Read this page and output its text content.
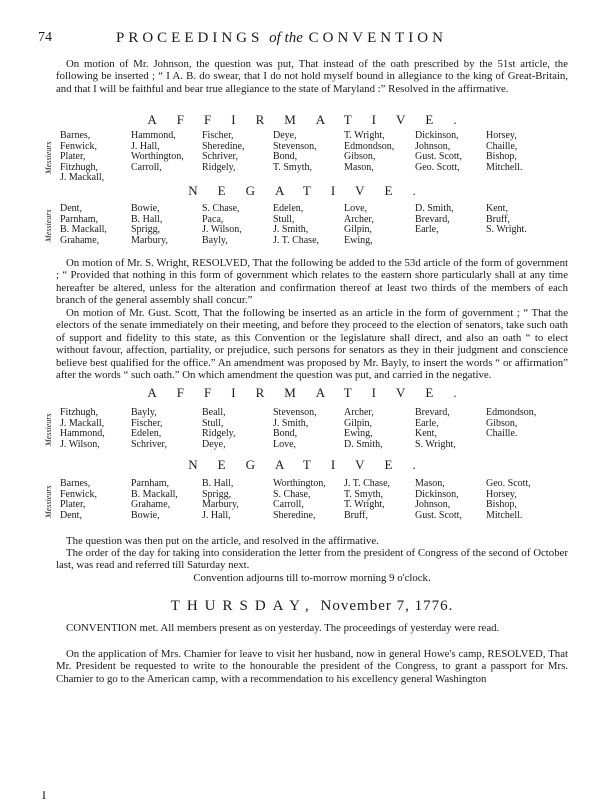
74	PROCEEDINGS of the CONVENTION

On motion of Mr. Johnson, the question was put, That instead of the oath prescribed by the 51st article, the following be inserted ; “ I A. B. do swear, that I do not hold myself bound in allegiance to the king of Great-Britain, and that I will be faithful and bear true allegiance to the state of Maryland :” Resolved in the affirmative.

AFFIRMATIVE.
Messieurs
Barnes,
Fenwick,
Plater,
Fitzhugh,
J. Mackall,
Hammond,
J. Hall,
Worthington,
Carroll,
Fischer,
Sheredine,
Schriver,
Ridgely,
Deye,
Stevenson,
Bond,
T. Smyth,
T. Wright,
Edmondson,
Gibson,
Mason,
Dickinson,
Johnson,
Gust. Scott,
Geo. Scott,
Horsey,
Chaille,
Bishop,
Mitchell.
NEGATIVE.
Messieurs
Dent,
Parnham,
B. Mackall,
Grahame,
Bowie,
B. Hall,
Sprigg,
Marbury,
S. Chase,
Paca,
J. Wilson,
Bayly,
Edelen,
Stull,
J. Smith,
J. T. Chase,
Love,
Archer,
Gilpin,
Ewing,
D. Smith,
Brevard,
Earle,
Kent,
Bruff,
S. Wright.

On motion of Mr. S. Wright, RESOLVED, That the following be added to the 53d article of the form of government ; “ Provided that nothing in this form of government which relates to the eastern shore particularly shall at any time hereafter be altered, unless for the alteration and confirmation thereof at least two thirds of the members of each branch of the general assembly shall concur.”

On motion of Mr. Gust. Scott, That the following be inserted as an article in the form of government ; “ That the electors of the senate immediately on their meeting, and before they proceed to the election of senators, take such oath of support and fidelity to this state, as this Convention or the legislature shall direct, and also an oath “ to elect without favour, affection, partiality, or prejudice, such persons for senators as they in their judgment and conscience believe best qualified for the office.” An amendment was proposed by Mr. Bayly, to insert the words “ or affirmation” after the words “ such oath.” On which amendment the question was put, and carried in the negative.

AFFIRMATIVE.
Messieurs
Fitzhugh,
J. Mackall,
Hammond,
J. Wilson,
Bayly,
Fischer,
Edelen,
Schriver,
Beall,
Stull,
Ridgely,
Deye,
Stevenson,
J. Smith,
Bond,
Love,
Archer,
Gilpin,
Ewing,
D. Smith,
Brevard,
Earle,
Kent,
S. Wright,
Edmondson,
Gibson,
Chaille.
NEGATIVE.
Messieurs
Barnes,
Fenwick,
Plater,
Dent,
Parnham,
B. Mackall,
Grahame,
Bowie,
B. Hall,
Sprigg,
Marbury,
J. Hall,
Worthington,
S. Chase,
Carroll,
Sheredine,
J. T. Chase,
T. Smyth,
T. Wright,
Bruff,
Mason,
Dickinson,
Johnson,
Gust. Scott,
Geo. Scott,
Horsey,
Bishop,
Mitchell.

The question was then put on the article, and resolved in the affirmative.

The order of the day for taking into consideration the letter from the president of Congress of the second of October last, was read and referred till Saturday next.

Convention adjourns till to-morrow morning 9 o'clock.

THURSDAY, November 7, 1776.

CONVENTION met. All members present as on yesterday. The proceedings of yesterday were read.

On the application of Mrs. Chamier for leave to visit her husband, now in general Howe's camp, RESOLVED, That Mr. President be requested to write to the honourable the president of the Congress, to grant a passport for Mrs. Chamier to go to the American camp, with a recommendation to his excellency general Washington

I
